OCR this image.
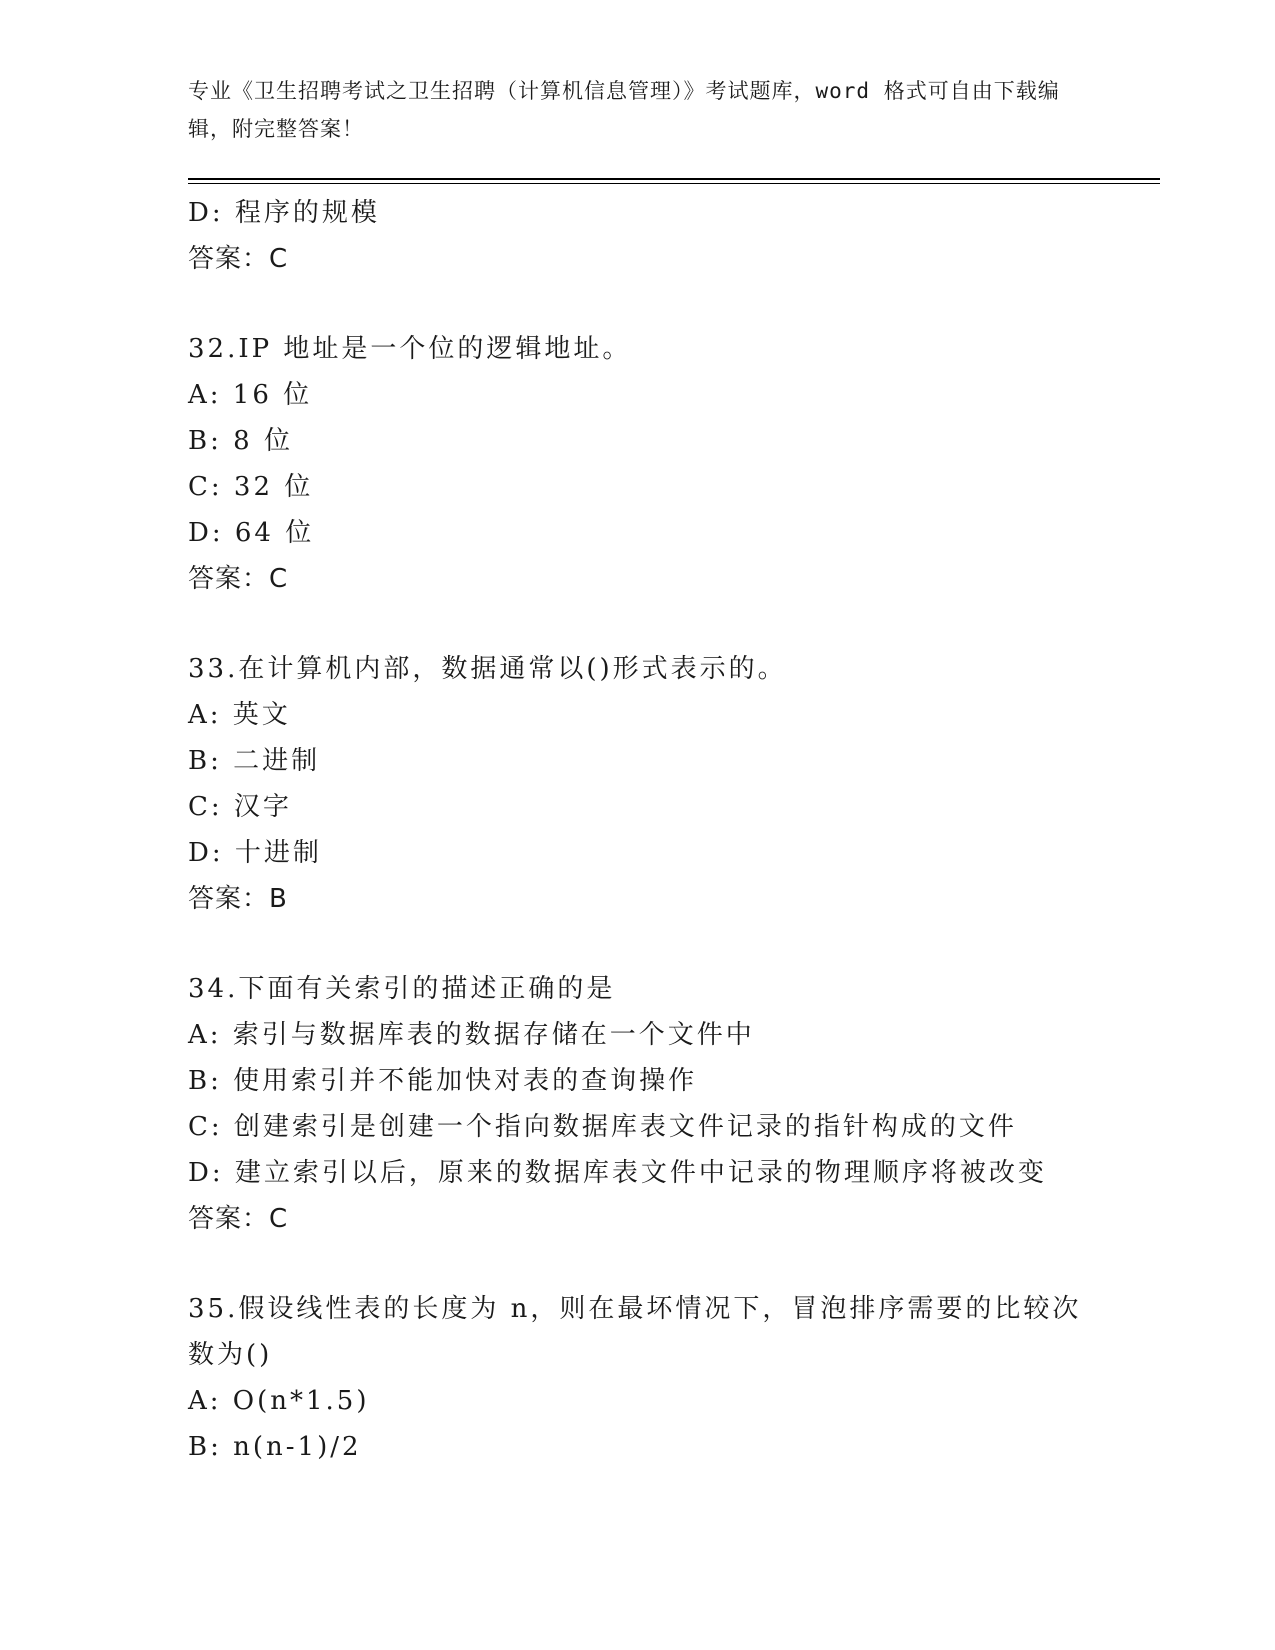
专业《卫生招聘考试之卫生招聘（计算机信息管理）》考试题库，word 格式可自由下载编辑，附完整答案！
D: 程序的规模
答案：C
32.IP 地址是一个位的逻辑地址。
A: 16 位
B: 8 位
C: 32 位
D: 64 位
答案：C
33.在计算机内部，数据通常以()形式表示的。
A: 英文
B: 二进制
C: 汉字
D: 十进制
答案：B
34.下面有关索引的描述正确的是
A: 索引与数据库表的数据存储在一个文件中
B: 使用索引并不能加快对表的查询操作
C: 创建索引是创建一个指向数据库表文件记录的指针构成的文件
D: 建立索引以后，原来的数据库表文件中记录的物理顺序将被改变
答案：C
35.假设线性表的长度为 n，则在最坏情况下，冒泡排序需要的比较次数为()
A: O(n*1.5)
B: n(n-1)/2
